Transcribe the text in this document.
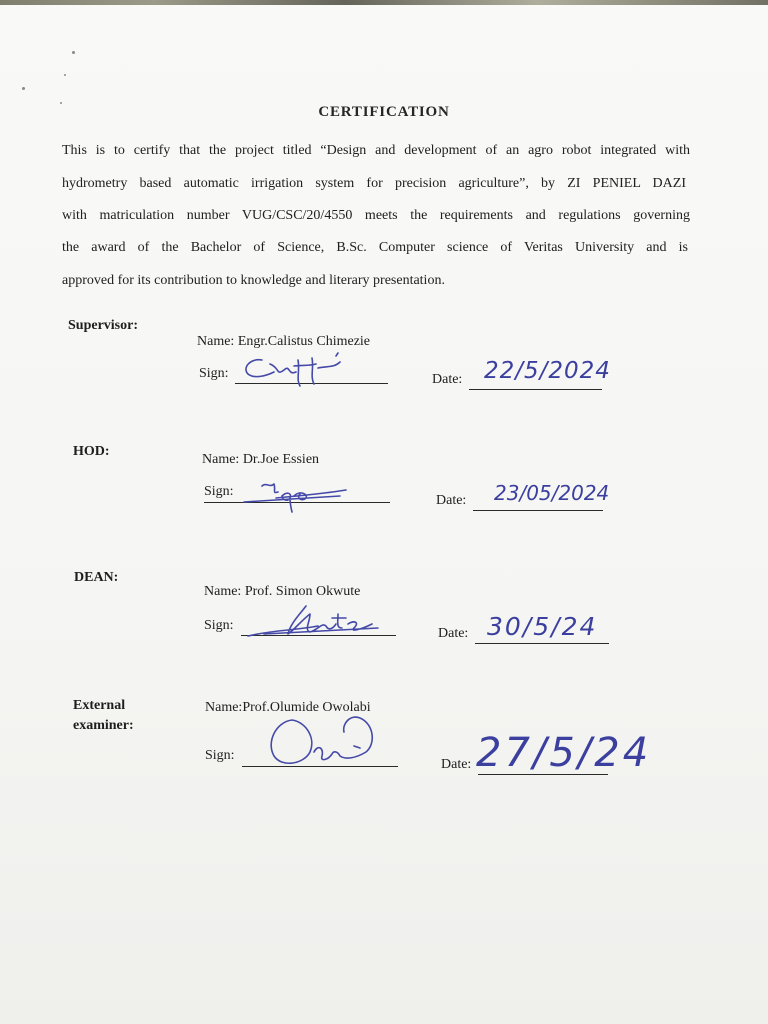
CERTIFICATION
This is to certify that the project titled “Design and development of an agro robot integrated with
hydrometry based automatic irrigation system for precision agriculture”, by ZI PENIEL DAZI
with matriculation number VUG/CSC/20/4550 meets the requirements and regulations governing
the award of the Bachelor of Science, B.Sc. Computer science of Veritas University and is
approved for its contribution to knowledge and literary presentation.
Supervisor:
Name: Engr.Calistus Chimezie
Sign:	Date: 22/5/2024
HOD:
Name: Dr.Joe Essien
Sign:
Date: 23/05/2024
DEAN:
Name: Prof. Simon Okwute
Sign:
Date: 30/5/24
External
examiner:
Name:Prof.Olumide Owolabi
Sign:
Date: 27/5/24
